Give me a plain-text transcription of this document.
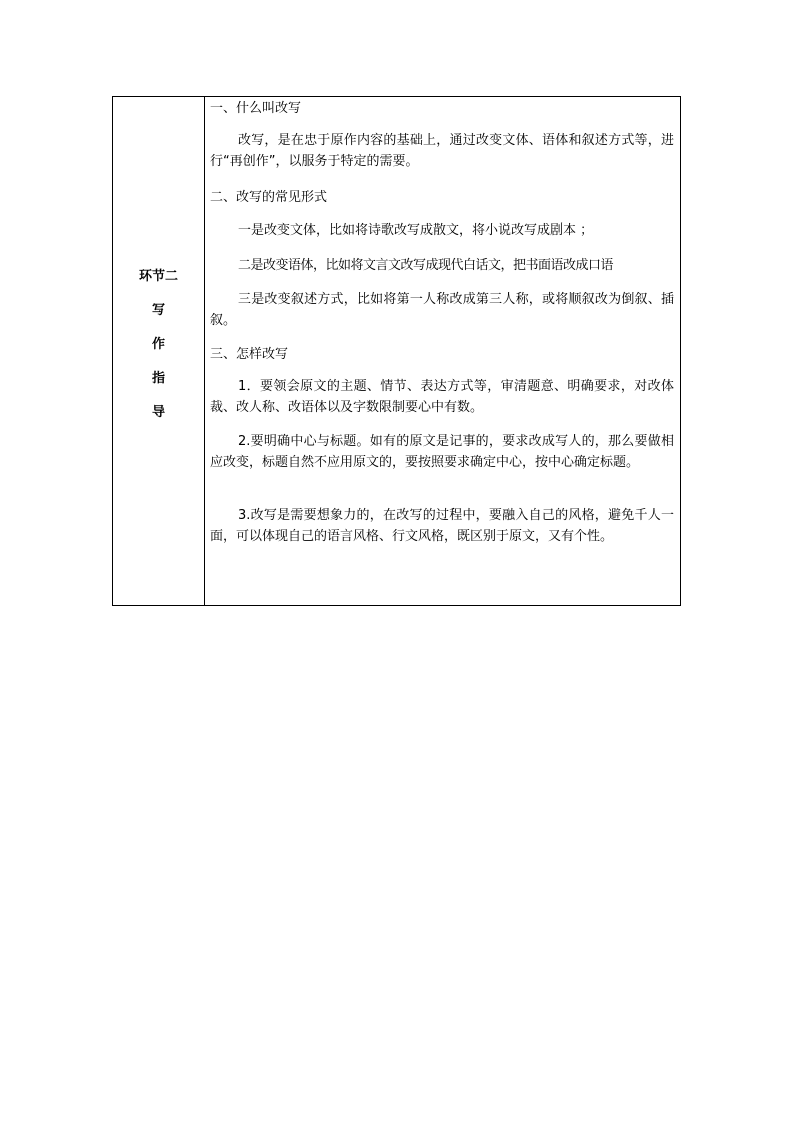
环节二
写
作
指
导
一、什么叫改写
改写，是在忠于原作内容的基础上，通过改变文体、语体和叙述方式等，进行“再创作”，以服务于特定的需要。
二、改写的常见形式
一是改变文体，比如将诗歌改写成散文，将小说改写成剧本 ；
二是改变语体，比如将文言文改写成现代白话文，把书面语改成口语
三是改变叙述方式，比如将第一人称改成第三人称，或将顺叙改为倒叙、插叙。
三、怎样改写
1．要领会原文的主题、情节、表达方式等，审清题意、明确要求，对改体裁、改人称、改语体以及字数限制要心中有数。
2.要明确中心与标题。如有的原文是记事的，要求改成写人的，那么要做相应改变，标题自然不应用原文的，要按照要求确定中心，按中心确定标题。
3.改写是需要想象力的，在改写的过程中，要融入自己的风格，避免千人一面，可以体现自己的语言风格、行文风格，既区别于原文，又有个性。
